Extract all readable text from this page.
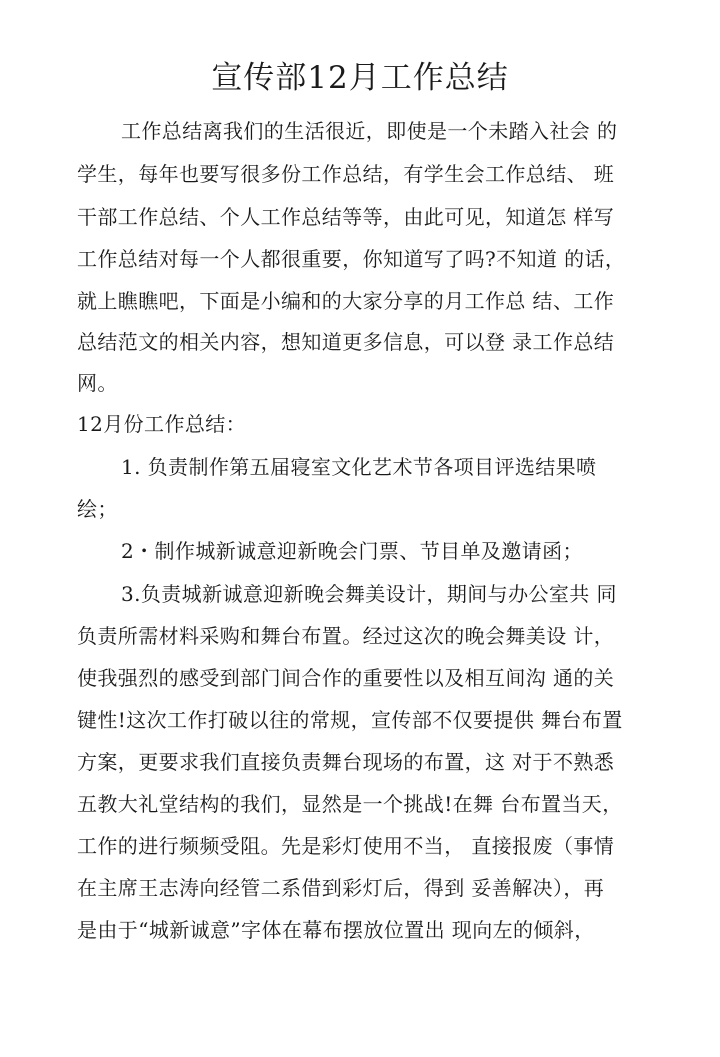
宣传部12月工作总结
工作总结离我们的生活很近，即使是一个未踏入社会 的
学生，每年也要写很多份工作总结，有学生会工作总结、 班
干部工作总结、个人工作总结等等，由此可见，知道怎 样写
工作总结对每一个人都很重要，你知道写了吗?不知道 的话，
就上瞧瞧吧，下面是小编和的大家分享的月工作总 结、工作
总结范文的相关内容，想知道更多信息，可以登 录工作总结
网。
12月份工作总结：
1. 负责制作第五届寝室文化艺术节各项目评选结果喷
绘；
2・制作城新诚意迎新晚会门票、节目单及邀请函；
3.负责城新诚意迎新晚会舞美设计，期间与办公室共 同
负责所需材料采购和舞台布置。经过这次的晚会舞美设 计，
使我强烈的感受到部门间合作的重要性以及相互间沟 通的关
键性!这次工作打破以往的常规，宣传部不仅要提供 舞台布置
方案，更要求我们直接负责舞台现场的布置，这 对于不熟悉
五教大礼堂结构的我们，显然是一个挑战!在舞 台布置当天，
工作的进行频频受阻。先是彩灯使用不当， 直接报废（事情
在主席王志涛向经管二系借到彩灯后，得到 妥善解决），再
是由于“城新诚意”字体在幕布摆放位置出 现向左的倾斜，
